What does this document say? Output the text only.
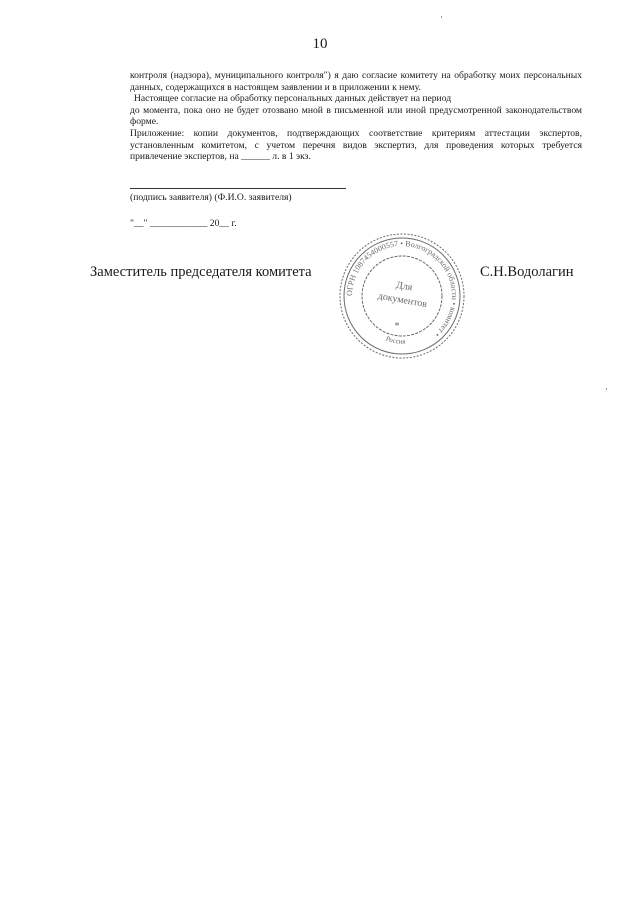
10

контроля (надзора), муниципального контроля") я даю согласие комитету на обработку моих персональных данных, содержащихся в настоящем заявлении и в приложении к нему.

Настоящее согласие на обработку персональных данных действует на период

до момента, пока оно не будет отозвано мной в письменной или иной предусмотренной законодательством форме.

Приложение: копии документов, подтверждающих соответствие критериям аттестации экспертов, установленным комитетом, с учетом перечня видов экспертиз, для проведения которых требуется привлечение экспертов, на ______ л. в 1 экз.

(подпись заявителя) (Ф.И.О. заявителя)
"__" ____________ 20__ г.
Заместитель председателя комитета	С.Н.Водолагин
ОГРН 1087454000557 • Волгоградской области • комитет •
Для
документов
Россия
*
